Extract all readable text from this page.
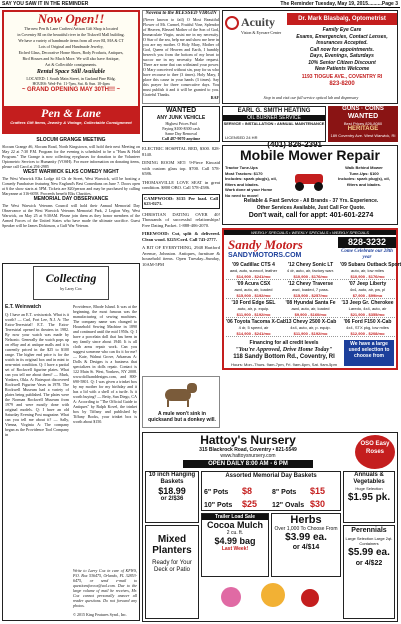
SAY YOU SAW IT IN THE REMINDER	The Reminder Tuesday, May 19, 2015..........Page 3
Now Open!!
The new Pen & Lane Crafters/Artisan Gift Shop is located
in Coventry RI on the beautiful river in the Tiskwell Mall building.
We have a variety of handmade items from all over RI, MA & CT
Lots of Original and Handmade Jewelry,
Etched Glass, Decorative Home Shoes, Body Products, Antiques,
Bird Houses and So Much More. We will also have Antique,
Art & Collectible consignments.
Rental Space Still Available
LOCATED: 1 South Main Street, in Garland Pine Bldg.
HOURS: Wed-Fri: 11-7pm, Sat. & Sun. 10-4pm
~ GRAND OPENING MAY 30TH!!! ~
Pen & Lane
Crafters Gift Items, Jewelry & Vintage, Collectable Consignment
SLOCUM GRANGE MEETING
Slocum Grange #6, Slocum Road, North Kingstown, will hold their next Meeting on May 22 at 7:30 P.M. Program for the evening is scheduled to be a "Ham & Hold Program." The Grange is now collecting eyeglasses for donation to the Volunteer Optometric Services to Humanity (VOSH). For more information on donating items, please call Carol at 294-2985
WEST WARWICK ELKS COMEDY NIGHT
The West Warwick Elks Lodge #4 Ch de Street, West Warwick, will be hosting a Comedy Fundraiser featuring New England's Best Comedians on June 7. Doors open at 6 the show starts at 5PM. Tickets are $20/person and may be purchased by calling Maryanne at 316-6058. Proceeds benefit Elks Charities.
MEMORIAL DAY OBSERVANCE
The West Warwick Veterans Council will hold their Annual Memorial Day Observance at the West Warwick Veterans Memorial Park, 2 Legion Way, West Warwick, on May 25 at 9:30AM. Please join them as they honor members of the Armed Forces of the United States who have made the ultimate sacrifice. Guest Speaker will be James Dickinson, a Gulf War Veteran.
Collecting
by Larry Cox
E.T. Weinwatch
Q: I have an E.T. wristwatch. What is it worth? — Carl, Fort Lee, N.J. A: The Extra-Terrestrial! E.T. The Extra-Terrestrial opened in theaters in 1982. By now your watch was made by Nelsonic. Generally the watch pops up on eBay and at antique malls and it is currently priced in the $25 to $100 range. The higher end price is for the watch in its original box and in mint to near-mint condition. Q: I have a partial set of Rockwell figurine plates. What can you tell me about them? — Mark, Yonkers, Okla. A: Batesport discovered Rockwell Figurine Vases in 1978. The Rockwell Museum had a variety of plates being published. The plates were the Norman Rockwell Museum from 1979 and were mostly done with original models. Q: I have an old Saturday Evening Post magazine. What can you tell me about it? — Sally, Vienna, Virginia A: The company began as the Providence Tool Company in
Providence, Rhode Island. It was at the beginning, the most famous was the manufacturing of sewing machines. The company name was changed to Household Sewing Machine in 1890 and continued until the mid 1950s. Q: I have a porcelain doll that has been in my family since about 1940. It is all cloth arms repair work. Can you suggest someone who can fix it for me? — Kate, Walnut Grove, Arkansas A: Dolls & Designs is a business that specializes in dolls repair. Contact is 122 Main St. West, Yonkers, NY 2008. www.dollsanddesigns.com, and 800-690-5801. Q: I was given a trinket box by my mother for my birthday and it has a lid with a shell of a turtle. Is it worth buying? — Betty, San Diego, CA A: According to "The Official Guide to Antiques" by Ralph Kovel, the trinket box by Tiffany and published by Tiffany Books, your trinket box is worth about $150.
Write to Larry Cox in care of KFWS, P.O. Box 536475, Orlando, FL 32853-6475, or send e-mail to questionsforcox@aol.com. Due to the large volume of mail he receives, Mr. Cox cannot personally answer all reader questions. Do not forward any photos.
© 2015 King Features Synd., Inc.
Novena to the BLESSED VIRGIN
(Never known to fail) O Most Beautiful Flower of Mt. Carmel, Fruitful Vine, Splendor of Heaven, Blessed Mother of the Son of God, Immaculate Virgin, assist me in my necessity. O Star of the sea, help me and show me here in you are my mother. O Holy Mary, Mother of God, Queen of Heaven and Earth, I humbly beseech you from the bottom of my heart to succor me in my necessity. Make request. There are none that can withstand your power. O Mary conceived without sin, pray for us who have recourse to thee (3 times). Holy Mary, I place this cause in your hands (3 times). Say this prayer for three consecutive days. You must publish it and it will be granted to you. Grateful Thanks.
RAF
WANTED
ANY JUNK VEHICLE
Highest Prices Paid
Paying $100-$300 cash
Same Day Removal
Call 487-9070 anytime
ELECTRIC HOSPITAL BED, $300. 828-8140.
DINING ROOM SET: 9-Piece Kincaid with custom glass top. $700. Call 578-6586.
THOMASVILLE LOVE SEAT in great condition. $800 OBO. Call 578-4586.
CAMPWOOD: $135 Per load. Call 623-0271.
CHRISTIAN DATING OVER 40! Thousands of successful relationships! Free Dating Packet. 1-888-406-2070.
FIREWOOD: Cut, split & delivered. Clean wood. $225/Cord. Call 743-2777.
A BIT OF EVERYTHING, 2948 Hartford Avenue, Johnston. Antiques, furniture & household items. Open Tuesday–Sunday, 10AM-5PM
Acuity
Vision & Eyecare Center
Dr. Mark Blasbalg, Optometrist
Family Eye Care
Exams, Emergencies, Contact Lenses,
Insurances Accepted.
Call now for appointments.
Days, Evenings, Saturdays
10% Senior Citizen Discount
New Patients Welcome
1193 TIOGUE AVE., COVENTRY RI
823-8200
Stop in and visit our full service optical lab and dispensary
EARL G. SMITH HEATING
OIL BURNER SERVICE
SERVICE • INSTALLATION • ANNUAL MAINTENANCE
LICENSED 24 HR
(401) 826-2391
GUNS · COINS
WANTED
Best Prices 826-8080
HERITAGE
189 Coventry Ave. West Warwick, RI
Mobile Mower Repair
Tractor Tune-Ups
Most Tractors: $170
Includes: spark plug(s), oil,
filters and blades.
Work done at your Home
No need to move!
Walk Behind Mower
Tune-Ups: $100
Includes: spark plug(s), oil,
filters and blades.
Reliable & Fast Service - All Brands - 37 Yrs. Experience.
Other Services Available, Just Call For Quote.
Don't wait, call for appt: 401-601-2274
WEEKLY SPECIALS • WEEKLY SPECIALS • WEEKLY SPECIALS
Sandy Motors
SANDYMOTORS.COM
828-3232
Come Celebrate our 28th year
'09 Cadillac CTS 4
awd, auto, sunroof, leather
$14,900 - $241/mo
'12 Chevy Sonic LT
4 dr, auto, air, factory warr.
$10,900 - $176/mo
'09 Subaru Outback Sport
auto, air, low miles
$10,900 - $176/mo
'09 Acura CSX
awd, auto, air, loaded
$15,900 - $192/mo
'12 Chevy Traverse
awd, loaded, 7 pass.
$15,900 - $257/mo
'07 Jeep Liberty
4x4, auto, air, pw, pl
$7,900 - $99/mo
'10 Ford Edge SEL
auto, air, p. equip.
$11,900 - $192/mo
'08 Hyundai Santa Fe
awd, auto, air, loaded
$9,900 - $160/mo
'13 Jeep Gr. Cherokee
Laredo, 4x4, auto, air
$21,900 - $355/mo
'06 Toyota Tacoma X-Cab
4 dr, 5 speed, air
$14,900 - $241/mo
'13 Chevy 2500 X-Cab
4x4, auto, air, p. equip.
$11,900 - $192/mo
'06 Ford F150 X-Cab
4x4, STX pkg, low miles
$12,900 - $208/mo
Financing for all credit levels
"You're Approved, Drive Home Today"
118 Sandy Bottom Rd., Coventry, RI
Hours: Mon.-Thurs. 9am-7pm, Fri. 9am-6pm, Sat. 9am-5pm
We have a large used selection to choose from
A mule won't sink in quicksand but a donkey will.
Hattoy's Nursery
315 Blackrock Road, Coventry • 821-5549
www.hattoysnursery.com
OPEN DAILY 8:00 AM - 6 PM
OSO Easy Roses
10 inch Hanging Baskets
$18.99
or 2/$36
Assorted Memorial Day Baskets
6" Pots $8	8" Pots $15
10" Pots $25	12" Ovals $30
Annuals & Vegetables
Huge Selection
$1.95 pk.
Trailer Load Sale
Cocoa Mulch
2 cu. ft.
$4.99 bag
Last Week!
Herbs
Over 1,000 To Choose From
$3.99 ea.
or 4/$14
Mixed Planters
Ready for Your Deck or Patio
Perennials
Large Selection Large 2qt. Containers
$5.99 ea.
or 4/$22
